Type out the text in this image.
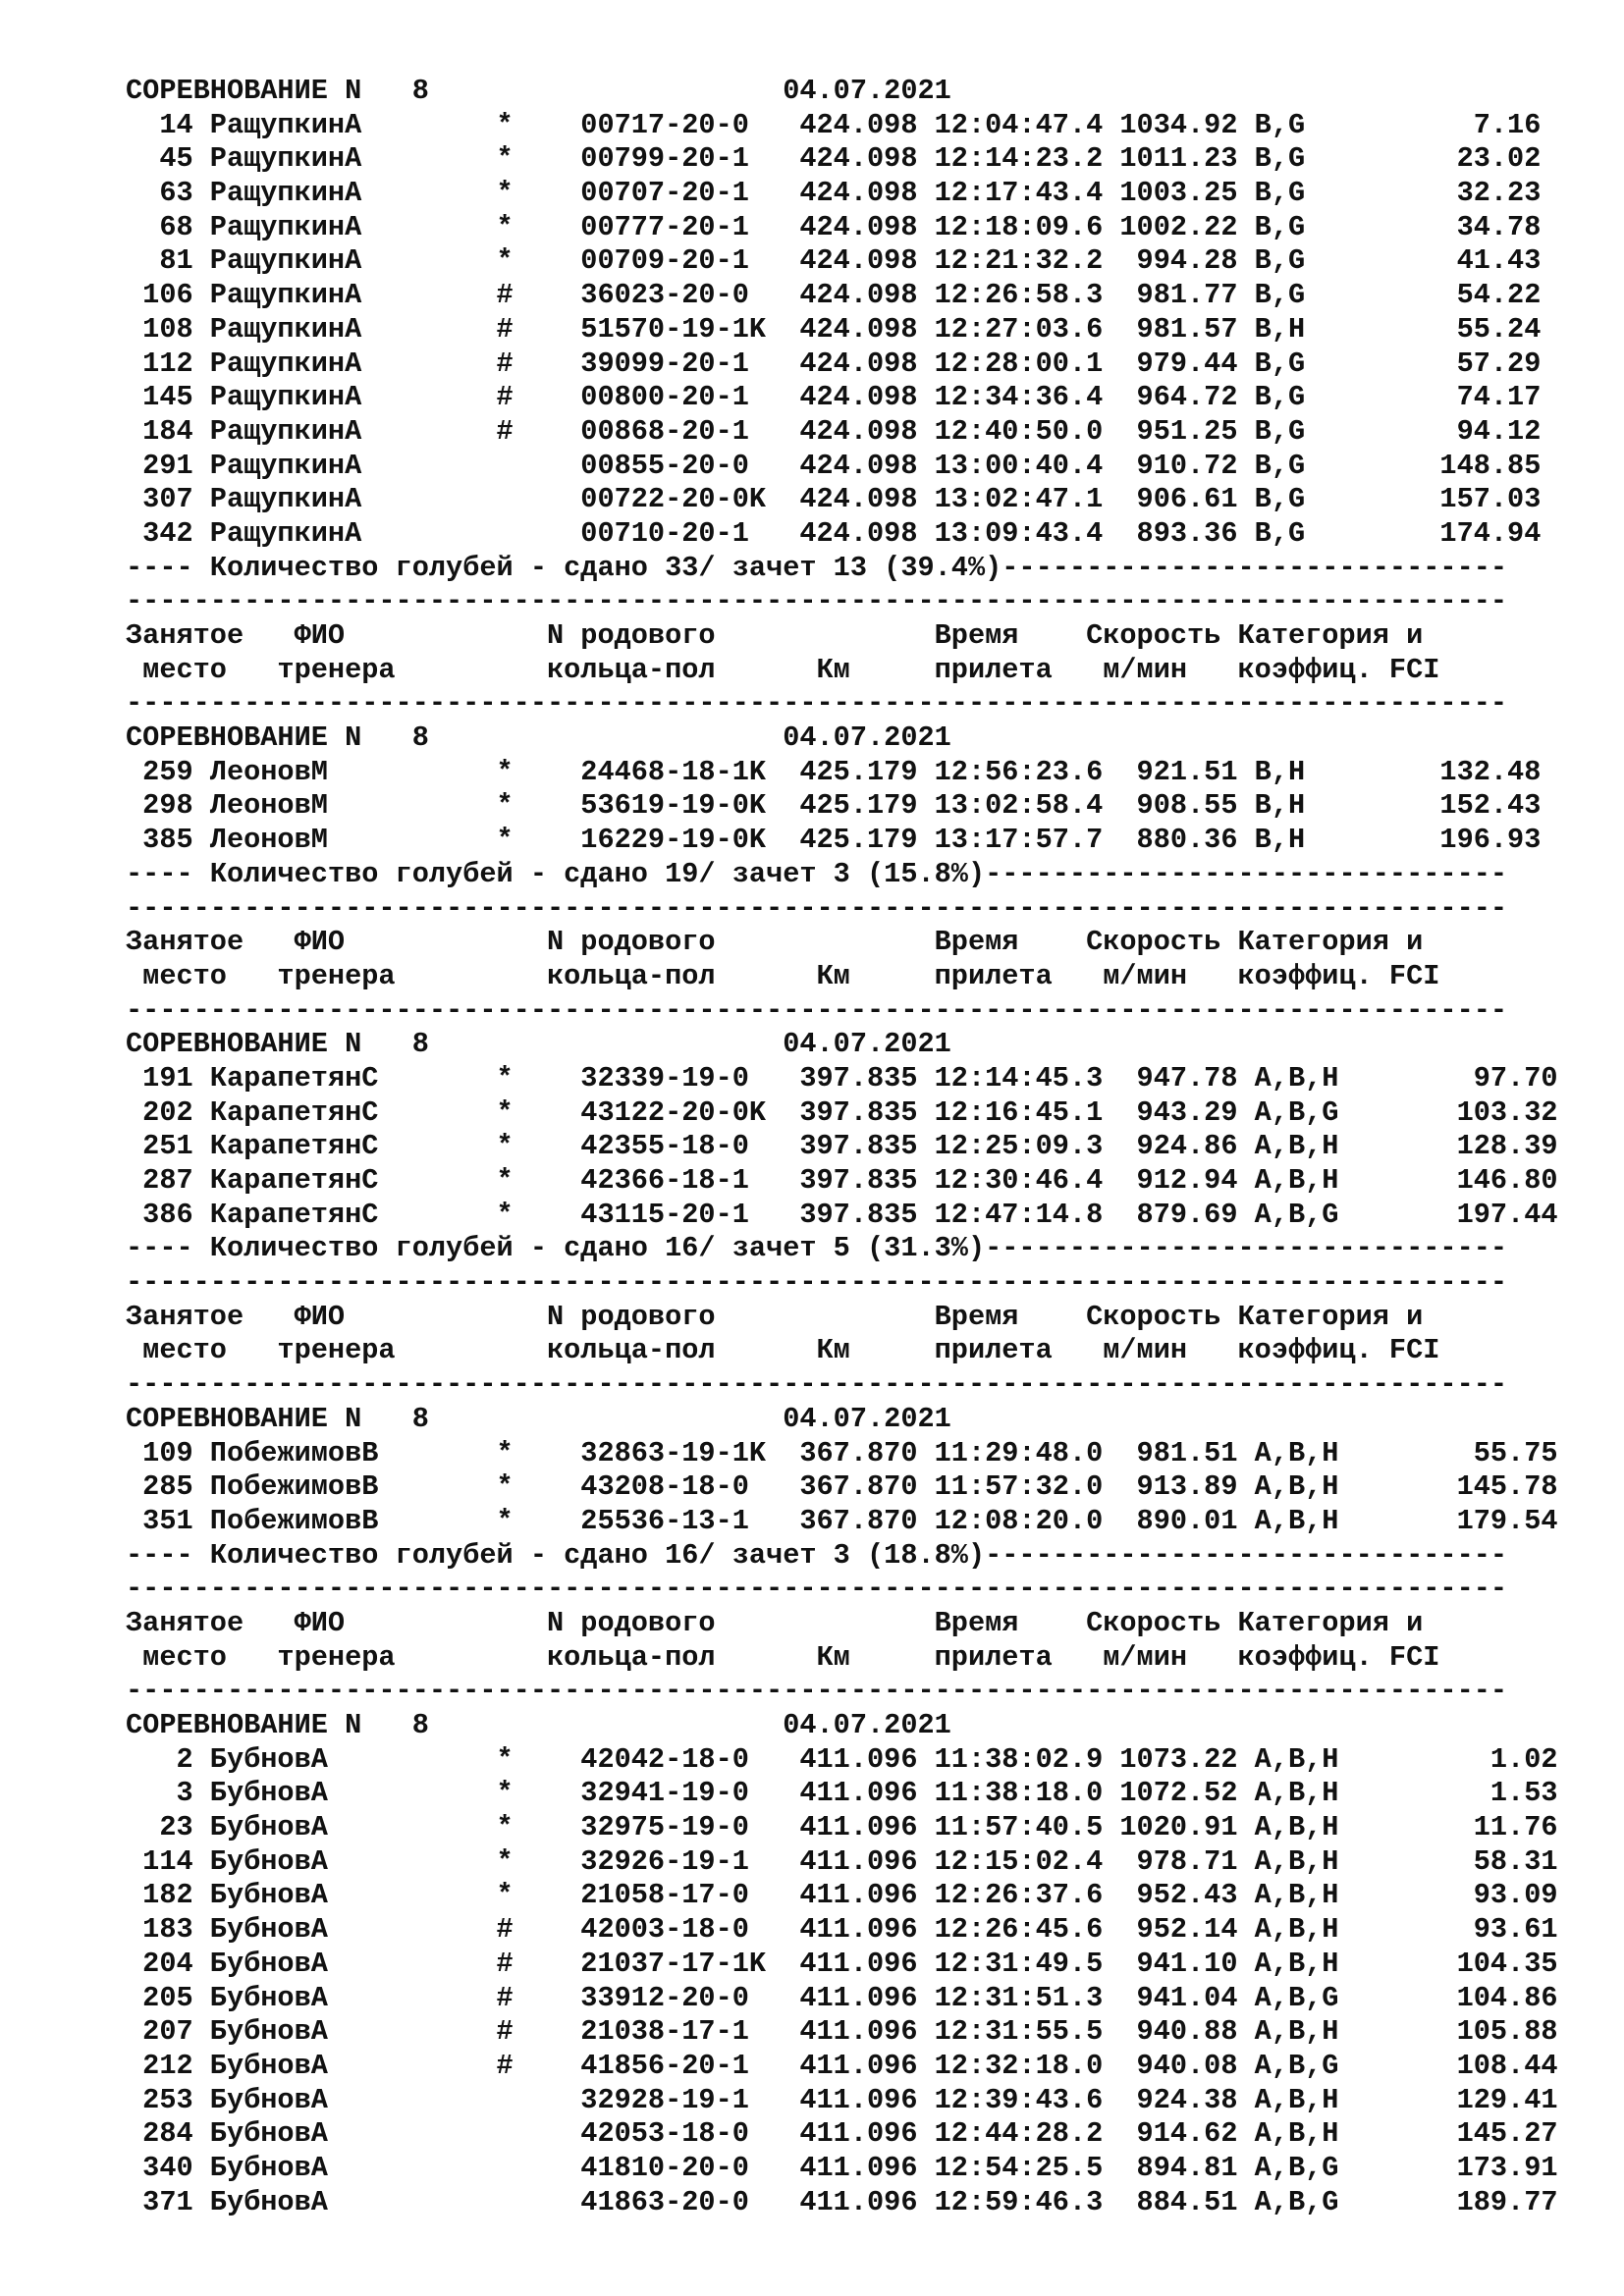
СОРЕВНОВАНИЕ N   8                     04.07.2021
14 РащупкинА        *    00717-20-0   424.098 12:04:47.4 1034.92 B,G          7.16
45 РащупкинА        *    00799-20-1   424.098 12:14:23.2 1011.23 B,G         23.02
63 РащупкинА        *    00707-20-1   424.098 12:17:43.4 1003.25 B,G         32.23
68 РащупкинА        *    00777-20-1   424.098 12:18:09.6 1002.22 B,G         34.78
81 РащупкинА        *    00709-20-1   424.098 12:21:32.2  994.28 B,G         41.43
106 РащупкинА        #    36023-20-0   424.098 12:26:58.3  981.77 B,G         54.22
108 РащупкинА        #    51570-19-1K  424.098 12:27:03.6  981.57 B,H         55.24
112 РащупкинА        #    39099-20-1   424.098 12:28:00.1  979.44 B,G         57.29
145 РащупкинА        #    00800-20-1   424.098 12:34:36.4  964.72 B,G         74.17
184 РащупкинА        #    00868-20-1   424.098 12:40:50.0  951.25 B,G         94.12
291 РащупкинА             00855-20-0   424.098 13:00:40.4  910.72 B,G        148.85
307 РащупкинА             00722-20-0K  424.098 13:02:47.1  906.61 B,G        157.03
342 РащупкинА             00710-20-1   424.098 13:09:43.4  893.36 B,G        174.94
---- Количество голубей - сдано 33/ зачет 13 (39.4%)------------------------------
----------------------------------------------------------------------------------
Занятое   ФИО            N родового             Время    Скорость Категория и
место   тренера         кольца-пол      Км     прилета   м/мин   коэффиц. FCI
----------------------------------------------------------------------------------
СОРЕВНОВАНИЕ N   8                     04.07.2021
259 ЛеоновМ          *    24468-18-1K  425.179 12:56:23.6  921.51 B,H        132.48
298 ЛеоновМ          *    53619-19-0K  425.179 13:02:58.4  908.55 B,H        152.43
385 ЛеоновМ          *    16229-19-0K  425.179 13:17:57.7  880.36 B,H        196.93
---- Количество голубей - сдано 19/ зачет 3 (15.8%)-------------------------------
----------------------------------------------------------------------------------
Занятое   ФИО            N родового             Время    Скорость Категория и
место   тренера         кольца-пол      Км     прилета   м/мин   коэффиц. FCI
----------------------------------------------------------------------------------
СОРЕВНОВАНИЕ N   8                     04.07.2021
191 КарапетянС       *    32339-19-0   397.835 12:14:45.3  947.78 A,B,H        97.70
202 КарапетянС       *    43122-20-0K  397.835 12:16:45.1  943.29 A,B,G       103.32
251 КарапетянС       *    42355-18-0   397.835 12:25:09.3  924.86 A,B,H       128.39
287 КарапетянС       *    42366-18-1   397.835 12:30:46.4  912.94 A,B,H       146.80
386 КарапетянС       *    43115-20-1   397.835 12:47:14.8  879.69 A,B,G       197.44
---- Количество голубей - сдано 16/ зачет 5 (31.3%)-------------------------------
----------------------------------------------------------------------------------
Занятое   ФИО            N родового             Время    Скорость Категория и
место   тренера         кольца-пол      Км     прилета   м/мин   коэффиц. FCI
----------------------------------------------------------------------------------
СОРЕВНОВАНИЕ N   8                     04.07.2021
109 ПобежимовВ       *    32863-19-1K  367.870 11:29:48.0  981.51 A,B,H        55.75
285 ПобежимовВ       *    43208-18-0   367.870 11:57:32.0  913.89 A,B,H       145.78
351 ПобежимовВ       *    25536-13-1   367.870 12:08:20.0  890.01 A,B,H       179.54
---- Количество голубей - сдано 16/ зачет 3 (18.8%)-------------------------------
----------------------------------------------------------------------------------
Занятое   ФИО            N родового             Время    Скорость Категория и
место   тренера         кольца-пол      Км     прилета   м/мин   коэффиц. FCI
----------------------------------------------------------------------------------
СОРЕВНОВАНИЕ N   8                     04.07.2021
2 БубновА          *    42042-18-0   411.096 11:38:02.9 1073.22 A,B,H         1.02
3 БубновА          *    32941-19-0   411.096 11:38:18.0 1072.52 A,B,H         1.53
23 БубновА          *    32975-19-0   411.096 11:57:40.5 1020.91 A,B,H        11.76
114 БубновА          *    32926-19-1   411.096 12:15:02.4  978.71 A,B,H        58.31
182 БубновА          *    21058-17-0   411.096 12:26:37.6  952.43 A,B,H        93.09
183 БубновА          #    42003-18-0   411.096 12:26:45.6  952.14 A,B,H        93.61
204 БубновА          #    21037-17-1K  411.096 12:31:49.5  941.10 A,B,H       104.35
205 БубновА          #    33912-20-0   411.096 12:31:51.3  941.04 A,B,G       104.86
207 БубновА          #    21038-17-1   411.096 12:31:55.5  940.88 A,B,H       105.88
212 БубновА          #    41856-20-1   411.096 12:32:18.0  940.08 A,B,G       108.44
253 БубновА               32928-19-1   411.096 12:39:43.6  924.38 A,B,H       129.41
284 БубновА               42053-18-0   411.096 12:44:28.2  914.62 A,B,H       145.27
340 БубновА               41810-20-0   411.096 12:54:25.5  894.81 A,B,G       173.91
371 БубновА               41863-20-0   411.096 12:59:46.3  884.51 A,B,G       189.77
